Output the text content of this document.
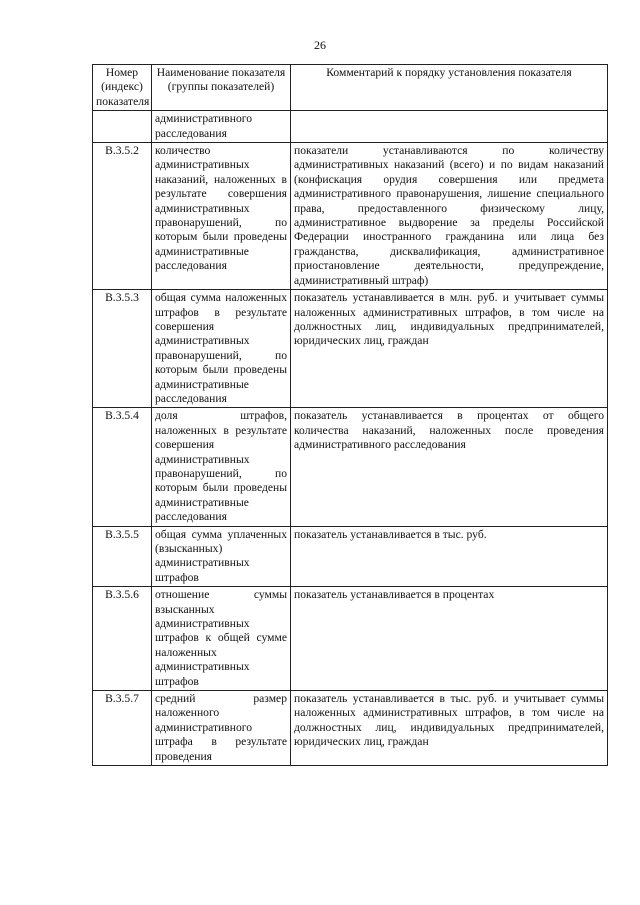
26
Номер (индекс) показателя	Наименование показателя (группы показателей)	Комментарий к порядку установления показателя
	административного расследования	
В.3.5.2	количество административных наказаний, наложенных в результате совершения административных правонарушений, по которым были проведены административные расследования	показатели устанавливаются по количеству административных наказаний (всего) и по видам наказаний (конфискация орудия совершения или предмета административного правонарушения, лишение специального права, предоставленного физическому лицу, административное выдворение за пределы Российской Федерации иностранного гражданина или лица без гражданства, дисквалификация, административное приостановление деятельности, предупреждение, административный штраф)
В.3.5.3	общая сумма наложенных штрафов в результате совершения административных правонарушений, по которым были проведены административные расследования	показатель устанавливается в млн. руб. и учитывает суммы наложенных административных штрафов, в том числе на должностных лиц, индивидуальных предпринимателей, юридических лиц, граждан
В.3.5.4	доля штрафов, наложенных в результате совершения административных правонарушений, по которым были проведены административные расследования	показатель устанавливается в процентах от общего количества наказаний, наложенных после проведения административного расследования
В.3.5.5	общая сумма уплаченных (взысканных) административных штрафов	показатель устанавливается в тыс. руб.
В.3.5.6	отношение суммы взысканных административных штрафов к общей сумме наложенных административных штрафов	показатель устанавливается в процентах
В.3.5.7	средний размер наложенного административного штрафа в результате проведения	показатель устанавливается в тыс. руб. и учитывает суммы наложенных административных штрафов, в том числе на должностных лиц, индивидуальных предпринимателей, юридических лиц, граждан
